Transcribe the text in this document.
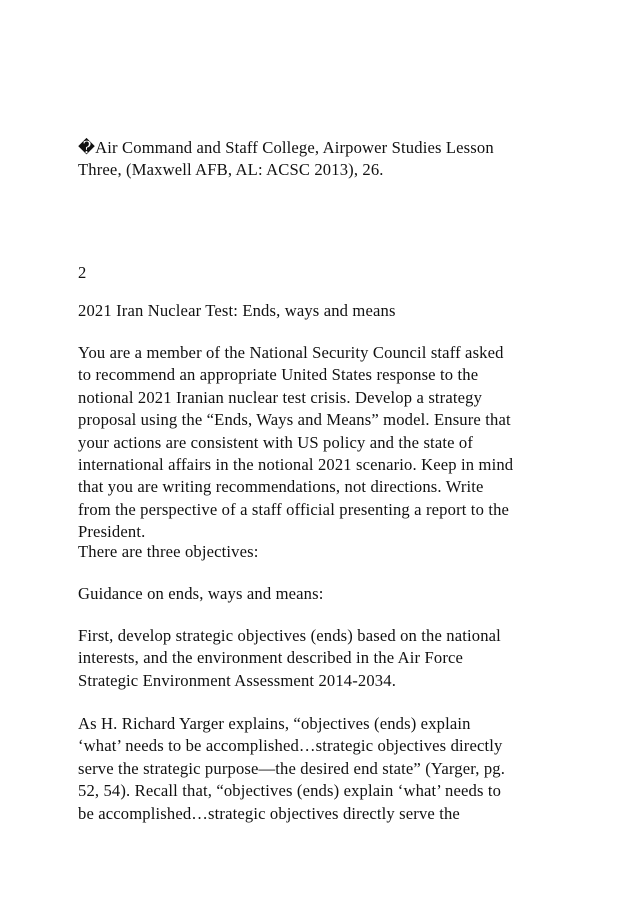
�Air Command and Staff College, Airpower Studies Lesson
Three, (Maxwell AFB, AL: ACSC 2013), 26.
2
2021 Iran Nuclear Test: Ends, ways and means
You are a member of the National Security Council staff asked
to recommend an appropriate United States response to the
notional 2021 Iranian nuclear test crisis. Develop a strategy
proposal using the “Ends, Ways and Means” model. Ensure that
your actions are consistent with US policy and the state of
international affairs in the notional 2021 scenario. Keep in mind
that you are writing recommendations, not directions. Write
from the perspective of a staff official presenting a report to the
President.
There are three objectives:
Guidance on ends, ways and means:
First, develop strategic objectives (ends) based on the national
interests, and the environment described in the Air Force
Strategic Environment Assessment 2014-2034.
As H. Richard Yarger explains, “objectives (ends) explain
‘what’ needs to be accomplished…strategic objectives directly
serve the strategic purpose—the desired end state” (Yarger, pg.
52, 54). Recall that, “objectives (ends) explain ‘what’ needs to
be accomplished…strategic objectives directly serve the
